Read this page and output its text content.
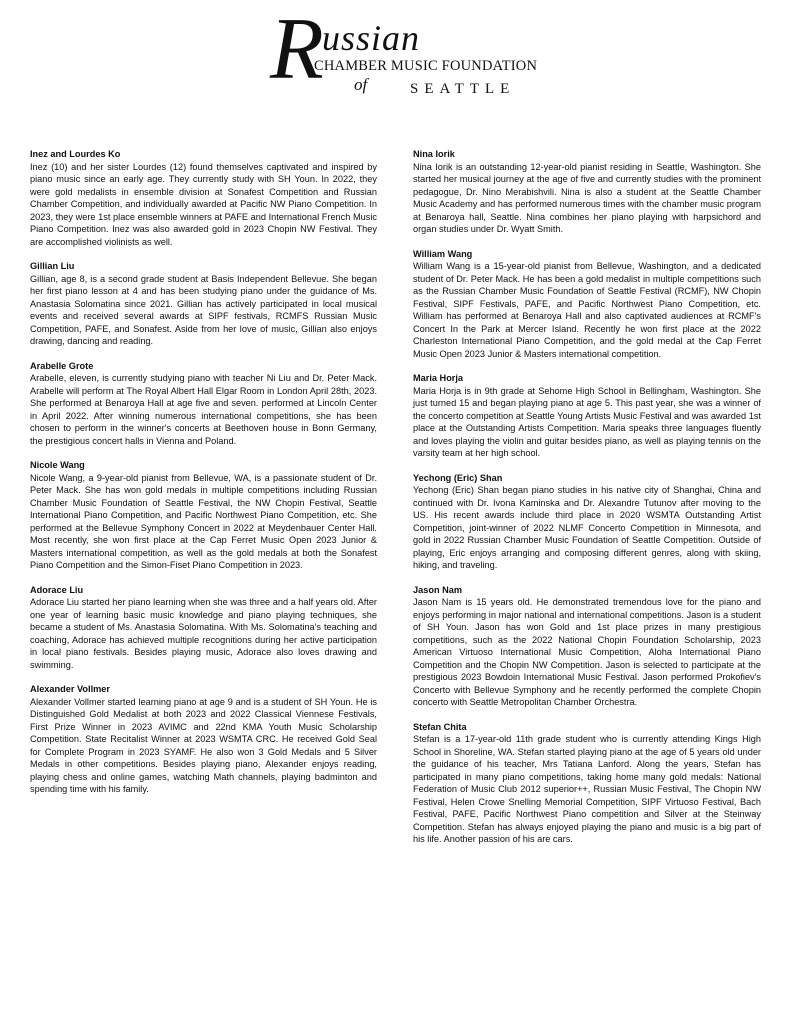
R
ussian
CHAMBER MUSIC FOUNDATION
of	SEATTLE
Inez and Lourdes Ko

Inez (10) and her sister Lourdes (12) found themselves captivated and inspired by piano music since an early age. They currently study with SH Youn. In 2022, they were gold medalists in ensemble division at Sonafest Competition and Russian Chamber Competition, and individually awarded at Pacific NW Piano Competition. In 2023, they were 1st place ensemble winners at PAFE and International French Music Piano Competition. Inez was also awarded gold in 2023 Chopin NW Festival. They are accomplished violinists as well.

Gillian Liu

Gillian, age 8, is a second grade student at Basis Independent Bellevue. She began her first piano lesson at 4 and has been studying piano under the guidance of Ms. Anastasia Solomatina since 2021. Gillian has actively participated in local musical events and received several awards at SIPF festivals, RCMFS Russian Music Competition, PAFE, and Sonafest. Aside from her love of music, Gillian also enjoys drawing, dancing and reading.

Arabelle Grote

Arabelle, eleven, is currently studying piano with teacher Ni Liu and Dr. Peter Mack. Arabelle will perform at The Royal Albert Hall Elgar Room in London April 28th, 2023. She performed at Benaroya Hall at age five and seven. performed at Lincoln Center in April 2022. After winning numerous international competitions, she has been chosen to perform in the winner's concerts at Beethoven house in Bonn Germany, the prestigious concert halls in Vienna and Poland.

Nicole Wang

Nicole Wang, a 9-year-old pianist from Bellevue, WA, is a passionate student of Dr. Peter Mack. She has won gold medals in multiple competitions including Russian Chamber Music Foundation of Seattle Festival, the NW Chopin Festival, Seattle International Piano Competition, and Pacific Northwest Piano Competition, etc. She performed at the Bellevue Symphony Concert in 2022 at Meydenbauer Center Hall. Most recently, she won first place at the Cap Ferret Music Open 2023 Junior & Masters international competition, as well as the gold medals at both the Sonafest Piano Competition and the Simon-Fiset Piano Competition in 2023.

Adorace Liu

Adorace Liu started her piano learning when she was three and a half years old. After one year of learning basic music knowledge and piano playing techniques, she became a student of Ms. Anastasia Solomatina. With Ms. Solomatina's teaching and coaching, Adorace has achieved multiple recognitions during her active participation in local piano festivals. Besides playing music, Adorace also loves drawing and swimming.

Alexander Vollmer

Alexander Vollmer started learning piano at age 9 and is a student of SH Youn. He is Distinguished Gold Medalist at both 2023 and 2022 Classical Viennese Festivals, First Prize Winner in 2023 AVIMC and 22nd KMA Youth Music Scholarship Competition. State Recitalist Winner at 2023 WSMTA CRC. He received Gold Seal for Complete Program in 2023 SYAMF. He also won 3 Gold Medals and 5 Silver Medals in other competitions. Besides playing piano, Alexander enjoys reading, playing chess and online games, watching Math channels, playing badminton and spending time with his family.

Nina Iorik

Nina Iorik is an outstanding 12-year-old pianist residing in Seattle, Washington. She started her musical journey at the age of five and currently studies with the prominent pedagogue, Dr. Nino Merabishvili. Nina is also a student at the Seattle Chamber Music Academy and has performed numerous times with the chamber music program at Benaroya hall, Seattle. Nina combines her piano playing with harpsichord and organ studies under Dr. Wyatt Smith.

William Wang

William Wang is a 15-year-old pianist from Bellevue, Washington, and a dedicated student of Dr. Peter Mack. He has been a gold medalist in multiple competitions such as the Russian Chamber Music Foundation of Seattle Festival (RCMF), NW Chopin Festival, SIPF Festivals, PAFE, and Pacific Northwest Piano Competition, etc. William has performed at Benaroya Hall and also captivated audiences at RCMF's Concert In the Park at Mercer Island. Recently he won first place at the 2022 Charleston International Piano Competition, and the gold medal at the Cap Ferret Music Open 2023 Junior & Masters international competition.

Maria Horja

Maria Horja is in 9th grade at Sehome High School in Bellingham, Washington. She just turned 15 and began playing piano at age 5. This past year, she was a winner of the concerto competition at Seattle Young Artists Music Festival and was awarded 1st place at the Outstanding Artists Competition. Maria speaks three languages fluently and loves playing the violin and guitar besides piano, as well as playing tennis on the varsity team at her high school.

Yechong (Eric) Shan

Yechong (Eric) Shan began piano studies in his native city of Shanghai, China and continued with Dr. Ivona Kaminska and Dr. Alexandre Tutunov after moving to the US. His recent awards include third place in 2020 WSMTA Outstanding Artist Competition, joint-winner of 2022 NLMF Concerto Competition in Minnesota, and gold in 2022 Russian Chamber Music Foundation of Seattle Competition. Outside of playing, Eric enjoys arranging and composing different genres, along with skiing, hiking, and traveling.

Jason Nam

Jason Nam is 15 years old. He demonstrated tremendous love for the piano and enjoys performing in major national and international competitions. Jason is a student of SH Youn. Jason has won Gold and 1st place prizes in many prestigious competitions, such as the 2022 National Chopin Foundation Scholarship, 2023 American Virtuoso International Music Competition, Aloha International Piano Competition and the Chopin NW Competition. Jason is selected to participate at the prestigious 2023 Bowdoin International Music Festival. Jason performed Prokofiev's Concerto with Bellevue Symphony and he recently performed the complete Chopin concerto with Seattle Metropolitan Chamber Orchestra.

Stefan Chita

Stefan is a 17-year-old 11th grade student who is currently attending Kings High School in Shoreline, WA. Stefan started playing piano at the age of 5 years old under the guidance of his teacher, Mrs Tatiana Lanford. Along the years, Stefan has participated in many piano competitions, taking home many gold medals: National Federation of Music Club 2012 superior++, Russian Music Festival, The Chopin NW Festival, Helen Crowe Snelling Memorial Competition, SIPF Virtuoso Festival, Bach Festival, PAFE, Pacific Northwest Piano competition and Silver at the Steinway Competition. Stefan has always enjoyed playing the piano and music is a big part of his life. Another passion of his are cars.
